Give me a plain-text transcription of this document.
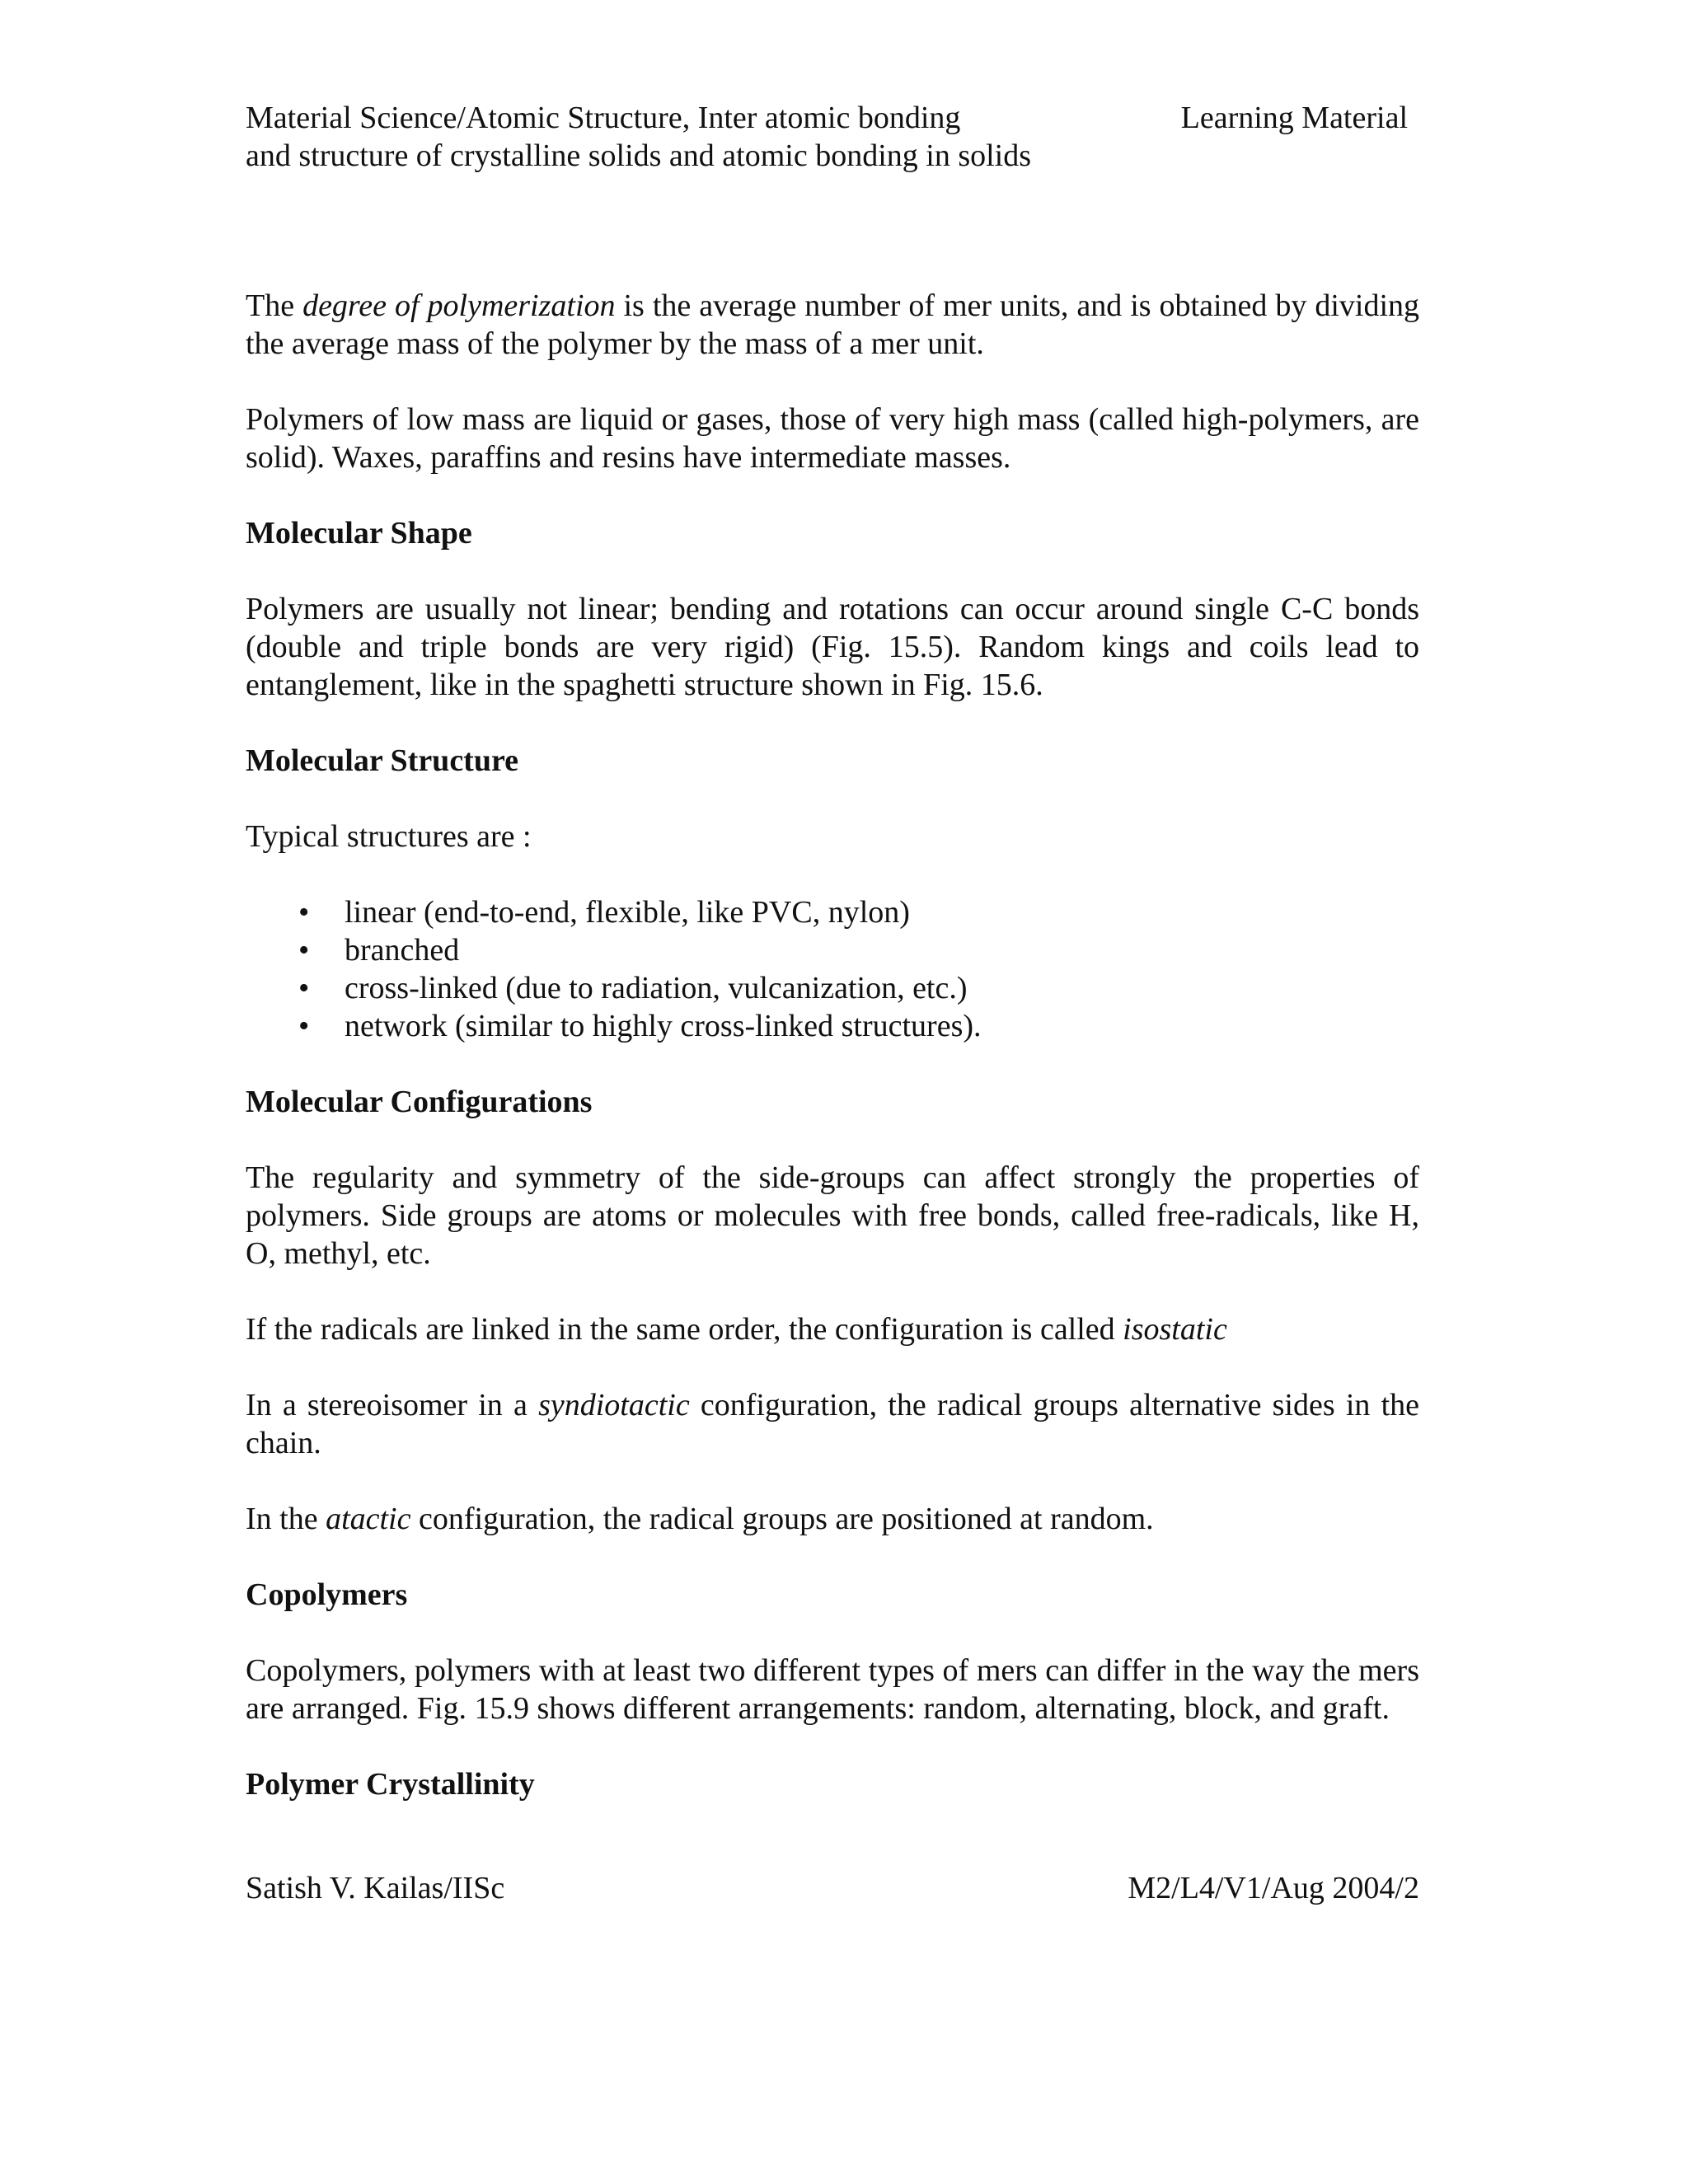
Material Science/Atomic Structure, Inter atomic bonding
and structure of crystalline solids and atomic bonding in solids
Learning Material

The degree of polymerization is the average number of mer units, and is obtained by dividing the average mass of the polymer by the mass of a mer unit.

Polymers of low mass are liquid or gases, those of very high mass (called high-polymers, are solid). Waxes, paraffins and resins have intermediate masses.

Molecular Shape

Polymers are usually not linear; bending and rotations can occur around single C-C bonds (double and triple bonds are very rigid) (Fig. 15.5). Random kings and coils lead to entanglement, like in the spaghetti structure shown in Fig. 15.6.

Molecular Structure

Typical structures are :

• linear (end-to-end, flexible, like PVC, nylon)
• branched
• cross-linked (due to radiation, vulcanization, etc.)
• network (similar to highly cross-linked structures).
Molecular Configurations

The regularity and symmetry of the side-groups can affect strongly the properties of polymers. Side groups are atoms or molecules with free bonds, called free-radicals, like H, O, methyl, etc.

If the radicals are linked in the same order, the configuration is called isostatic

In a stereoisomer in a syndiotactic configuration, the radical groups alternative sides in the chain.

In the atactic configuration, the radical groups are positioned at random.

Copolymers

Copolymers, polymers with at least two different types of mers can differ in the way the mers are arranged. Fig. 15.9 shows different arrangements: random, alternating, block, and graft.

Polymer Crystallinity
Satish V. Kailas/IISc	M2/L4/V1/Aug 2004/2
